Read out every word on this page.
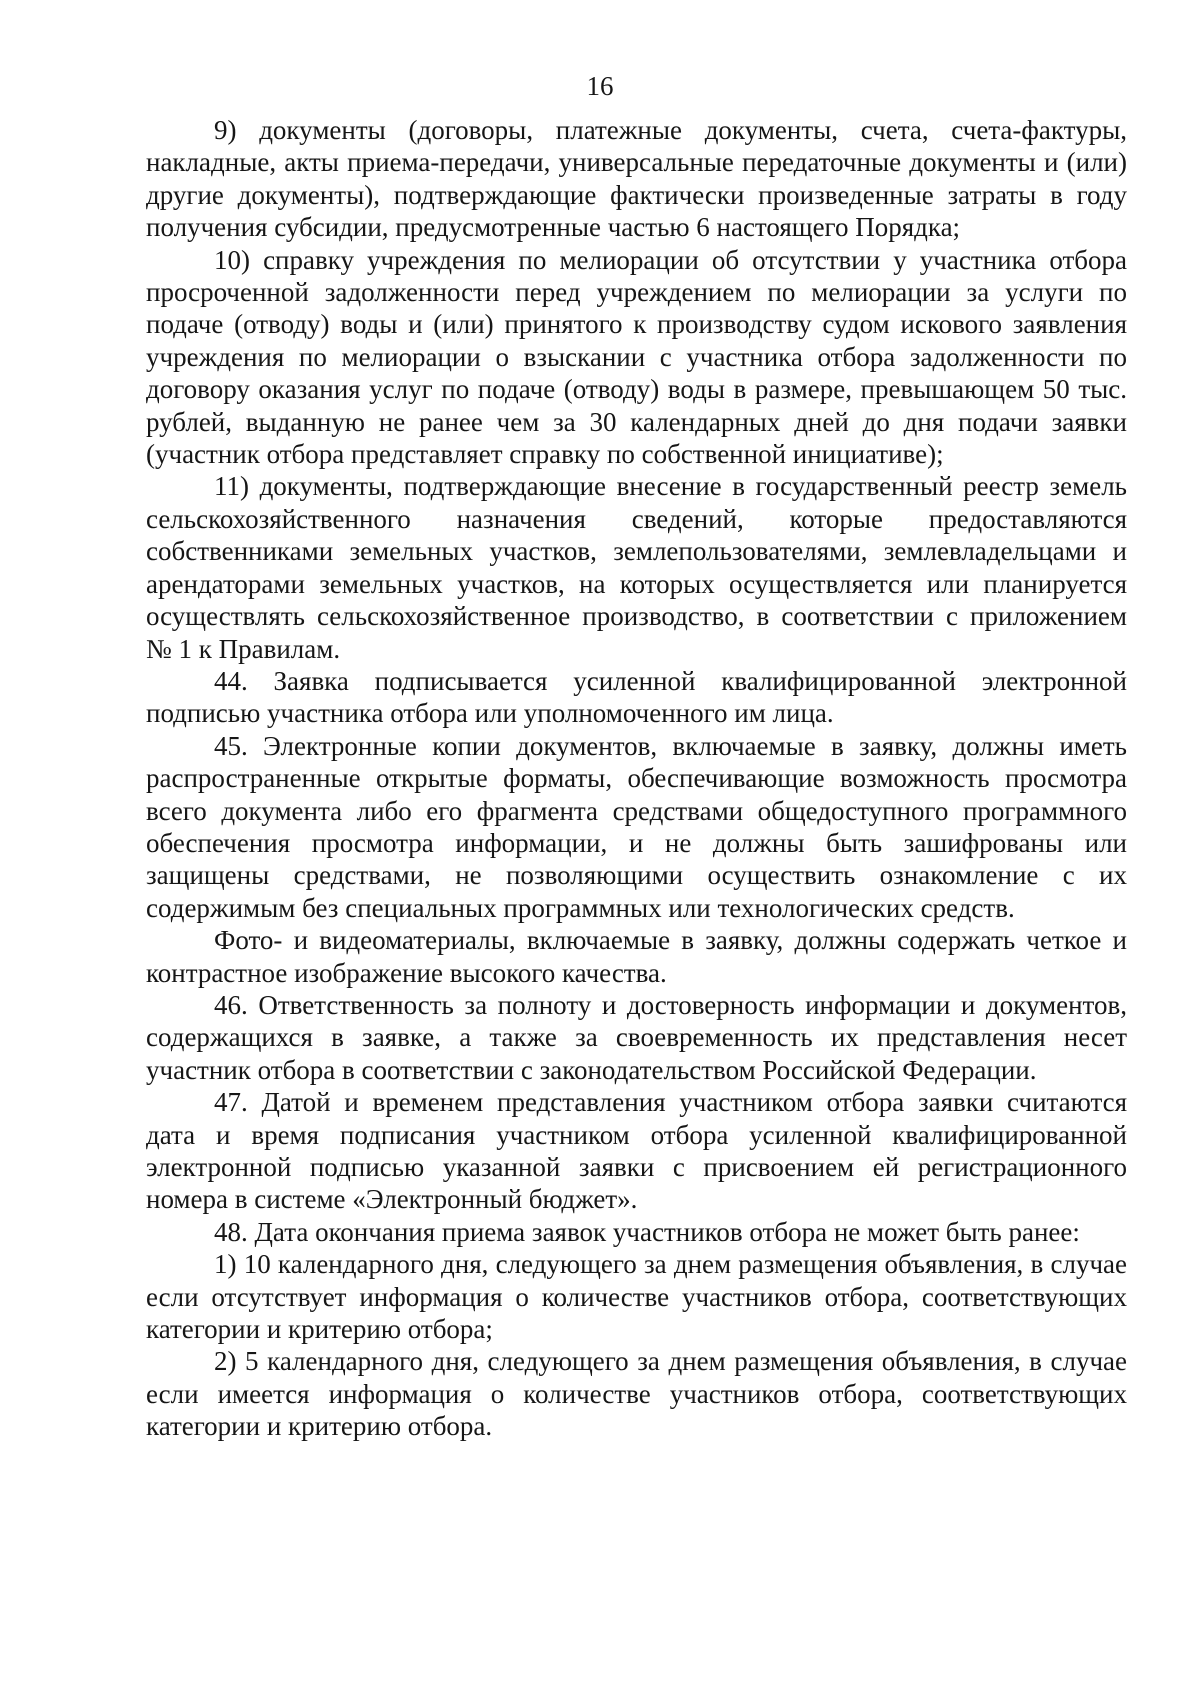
16

9) документы (договоры, платежные документы, счета, счета-фактуры, накладные, акты приема-передачи, универсальные передаточные документы и (или) другие документы), подтверждающие фактически произведенные затраты в году получения субсидии, предусмотренные частью 6 настоящего Порядка;

10) справку учреждения по мелиорации об отсутствии у участника отбора просроченной задолженности перед учреждением по мелиорации за услуги по подаче (отводу) воды и (или) принятого к производству судом искового заявления учреждения по мелиорации о взыскании с участника отбора задолженности по договору оказания услуг по подаче (отводу) воды в размере, превышающем 50 тыс. рублей, выданную не ранее чем за 30 календарных дней до дня подачи заявки (участник отбора представляет справку по собственной инициативе);

11) документы, подтверждающие внесение в государственный реестр земель сельскохозяйственного назначения сведений, которые предоставляются собственниками земельных участков, землепользователями, землевладельцами и арендаторами земельных участков, на которых осуществляется или планируется осуществлять сельскохозяйственное производство, в соответствии с приложением № 1 к Правилам.

44. Заявка подписывается усиленной квалифицированной электронной подписью участника отбора или уполномоченного им лица.

45. Электронные копии документов, включаемые в заявку, должны иметь распространенные открытые форматы, обеспечивающие возможность просмотра всего документа либо его фрагмента средствами общедоступного программного обеспечения просмотра информации, и не должны быть зашифрованы или защищены средствами, не позволяющими осуществить ознакомление с их содержимым без специальных программных или технологических средств.

Фото- и видеоматериалы, включаемые в заявку, должны содержать четкое и контрастное изображение высокого качества.

46. Ответственность за полноту и достоверность информации и документов, содержащихся в заявке, а также за своевременность их представления несет участник отбора в соответствии с законодательством Российской Федерации.

47. Датой и временем представления участником отбора заявки считаются дата и время подписания участником отбора усиленной квалифицированной электронной подписью указанной заявки с присвоением ей регистрационного номера в системе «Электронный бюджет».

48. Дата окончания приема заявок участников отбора не может быть ранее:

1) 10 календарного дня, следующего за днем размещения объявления, в случае если отсутствует информация о количестве участников отбора, соответствующих категории и критерию отбора;

2) 5 календарного дня, следующего за днем размещения объявления, в случае если имеется информация о количестве участников отбора, соответствующих категории и критерию отбора.
